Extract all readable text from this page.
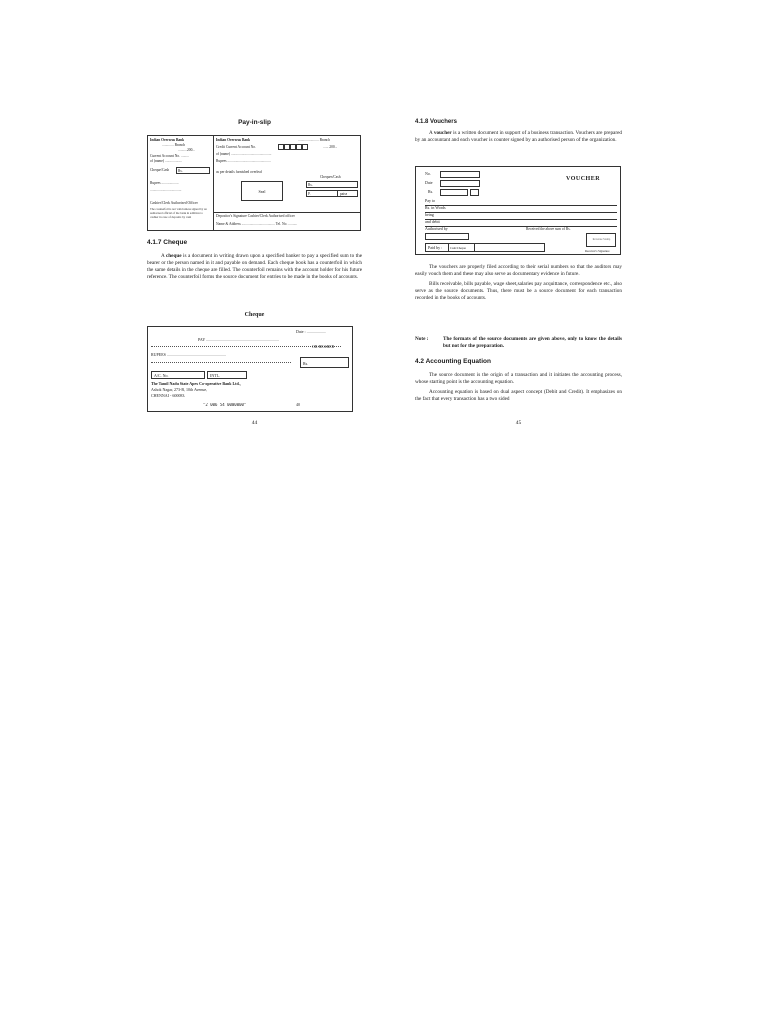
Pay-in-slip
Indian Overseas Bank
............. Branch
..........200...
Current Account No. .........
of (name) ...................
Cheque/Cash Rs.
Rupees ...................
...................................
Cashier/Clerk Authorised Officer
The counterfoil is not valid unless signed by an authorised official of the bank in addition to cashier in case of deposits by cash
Indian Overseas Bank	....................... Branch
Credit Current Account No.	...... 200...
of (name) .............................................
Rupees ................................................
as per details furnished overleaf
Cheques/Cash
Rs.
P.	paise
Seal
Depositor's Signature Cashier/Clerk Authorised officer
Name & Address ..................................... Tel. No. ..........
4.1.7 Cheque

A cheque is a document in writing drawn upon a specified banker to pay a specified sum to the bearer or the person named in it and payable on demand. Each cheque book has a counterfoil in which the same details in the cheque are filled. The counterfoil remains with the account holder for his future reference. The counterfoil forms the source document for entries to be made in the books of accounts.

Cheque
Date : ...................
PAY .........................................................................
OR BEARER
RUPEES ...........................................................
Rs.
A/C. No.	INTL.
The Tamil Nadu State Apex Co-operative Bank Ltd.,
Ashok Nagar, 273-B, 10th Avenue,
CHENNAI - 600083.
"2 006 54 0000000"	40
44
4.1.8 Vouchers

A voucher is a written document in support of a business transaction. Vouchers are prepared by an accountant and each voucher is counter signed by an authorised person of the organization.

VOUCHER
No.
Date
Rs.
Pay to
Rs. in Words
being
and debit
Authorised by	Received the above sum of Rs.
Paid by :	Cash/Cheque
Revenue Stamp
Receiver's Signature

The vouchers are properly filed according to their serial numbers so that the auditors may easily vouch them and these may also serve as documentary evidence in future.

Bills receivable, bills payable, wage sheet,salaries pay acquittance, correspondence etc., also serve as the source documents. Thus, there must be a source document for each transaction recorded in the books of accounts.

Note :	The formats of the source documents are given above, only to know the details but not for the preparation.
4.2 Accounting Equation

The source document is the origin of a transaction and it initiates the accounting process, whose starting point is the accounting equation.

Accounting equation is based on dual aspect concept (Debit and Credit). It emphasizes on the fact that every transaction has a two sided

45
